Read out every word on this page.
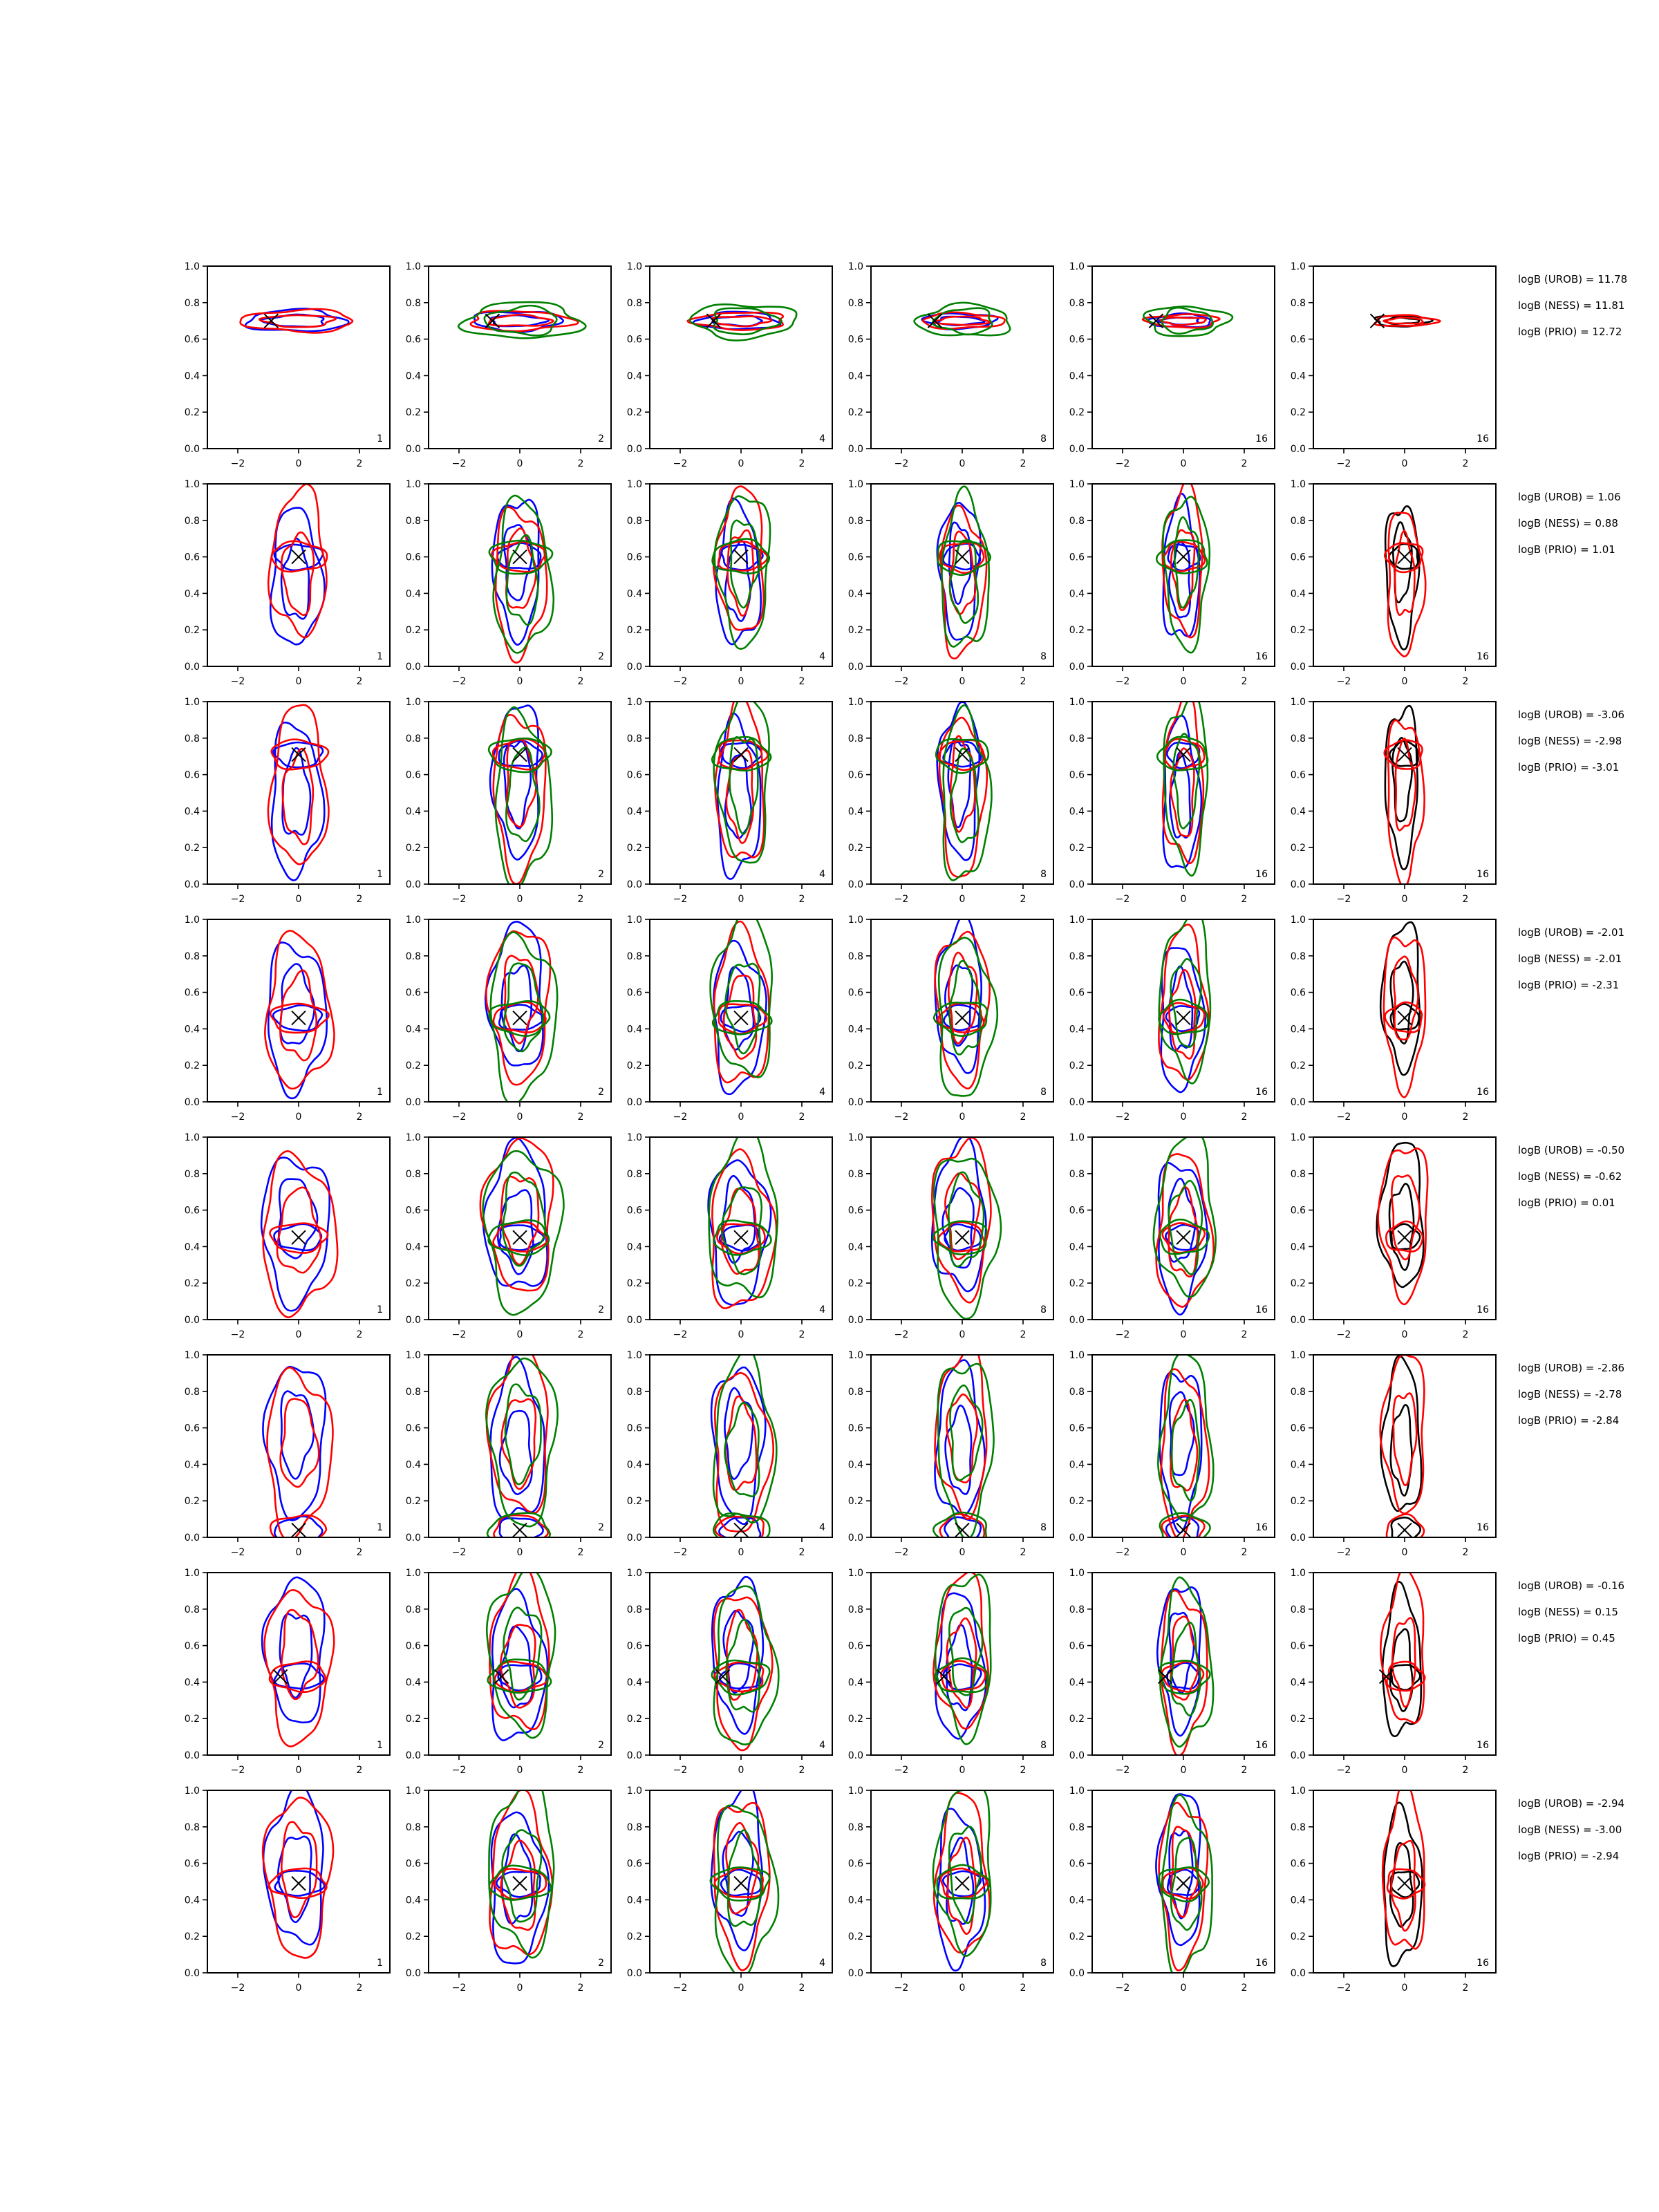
0.0
0.2
0.4
0.6
0.8
1.0
−2	0	2
1
0.0
0.2
0.4
0.6
0.8
1.0
−2	0	2
2
0.0
0.2
0.4
0.6
0.8
1.0
−2	0	2
4
0.0
0.2
0.4
0.6
0.8
1.0
−2	0	2
8
0.0
0.2
0.4
0.6
0.8
1.0
−2	0	2
16
0.0
0.2
0.4
0.6
0.8
1.0
−2	0	2
16
logB (UROB) = 11.78
logB (NESS) = 11.81
logB (PRIO) = 12.72
0.0
0.2
0.4
0.6
0.8
1.0
−2	0	2
1
0.0
0.2
0.4
0.6
0.8
1.0
−2	0	2
2
0.0
0.2
0.4
0.6
0.8
1.0
−2	0	2
4
0.0
0.2
0.4
0.6
0.8
1.0
−2	0	2
8
0.0
0.2
0.4
0.6
0.8
1.0
−2	0	2
16
0.0
0.2
0.4
0.6
0.8
1.0
−2	0	2
16
logB (UROB) = 1.06
logB (NESS) = 0.88
logB (PRIO) = 1.01
0.0
0.2
0.4
0.6
0.8
1.0
−2	0	2
1
0.0
0.2
0.4
0.6
0.8
1.0
−2	0	2
2
0.0
0.2
0.4
0.6
0.8
1.0
−2	0	2
4
0.0
0.2
0.4
0.6
0.8
1.0
−2	0	2
8
0.0
0.2
0.4
0.6
0.8
1.0
−2	0	2
16
0.0
0.2
0.4
0.6
0.8
1.0
−2	0	2
16
logB (UROB) = -3.06
logB (NESS) = -2.98
logB (PRIO) = -3.01
0.0
0.2
0.4
0.6
0.8
1.0
−2	0	2
1
0.0
0.2
0.4
0.6
0.8
1.0
−2	0	2
2
0.0
0.2
0.4
0.6
0.8
1.0
−2	0	2
4
0.0
0.2
0.4
0.6
0.8
1.0
−2	0	2
8
0.0
0.2
0.4
0.6
0.8
1.0
−2	0	2
16
0.0
0.2
0.4
0.6
0.8
1.0
−2	0	2
16
logB (UROB) = -2.01
logB (NESS) = -2.01
logB (PRIO) = -2.31
0.0
0.2
0.4
0.6
0.8
1.0
−2	0	2
1
0.0
0.2
0.4
0.6
0.8
1.0
−2	0	2
2
0.0
0.2
0.4
0.6
0.8
1.0
−2	0	2
4
0.0
0.2
0.4
0.6
0.8
1.0
−2	0	2
8
0.0
0.2
0.4
0.6
0.8
1.0
−2	0	2
16
0.0
0.2
0.4
0.6
0.8
1.0
−2	0	2
16
logB (UROB) = -0.50
logB (NESS) = -0.62
logB (PRIO) = 0.01
0.0
0.2
0.4
0.6
0.8
1.0
−2	0	2
1
0.0
0.2
0.4
0.6
0.8
1.0
−2	0	2
2
0.0
0.2
0.4
0.6
0.8
1.0
−2	0	2
4
0.0
0.2
0.4
0.6
0.8
1.0
−2	0	2
8
0.0
0.2
0.4
0.6
0.8
1.0
−2	0	2
16
0.0
0.2
0.4
0.6
0.8
1.0
−2	0	2
16
logB (UROB) = -2.86
logB (NESS) = -2.78
logB (PRIO) = -2.84
0.0
0.2
0.4
0.6
0.8
1.0
−2	0	2
1
0.0
0.2
0.4
0.6
0.8
1.0
−2	0	2
2
0.0
0.2
0.4
0.6
0.8
1.0
−2	0	2
4
0.0
0.2
0.4
0.6
0.8
1.0
−2	0	2
8
0.0
0.2
0.4
0.6
0.8
1.0
−2	0	2
16
0.0
0.2
0.4
0.6
0.8
1.0
−2	0	2
16
logB (UROB) = -0.16
logB (NESS) = 0.15
logB (PRIO) = 0.45
0.0
0.2
0.4
0.6
0.8
1.0
−2	0	2
1
0.0
0.2
0.4
0.6
0.8
1.0
−2	0	2
2
0.0
0.2
0.4
0.6
0.8
1.0
−2	0	2
4
0.0
0.2
0.4
0.6
0.8
1.0
−2	0	2
8
0.0
0.2
0.4
0.6
0.8
1.0
−2	0	2
16
0.0
0.2
0.4
0.6
0.8
1.0
−2	0	2
16
logB (UROB) = -2.94
logB (NESS) = -3.00
logB (PRIO) = -2.94
